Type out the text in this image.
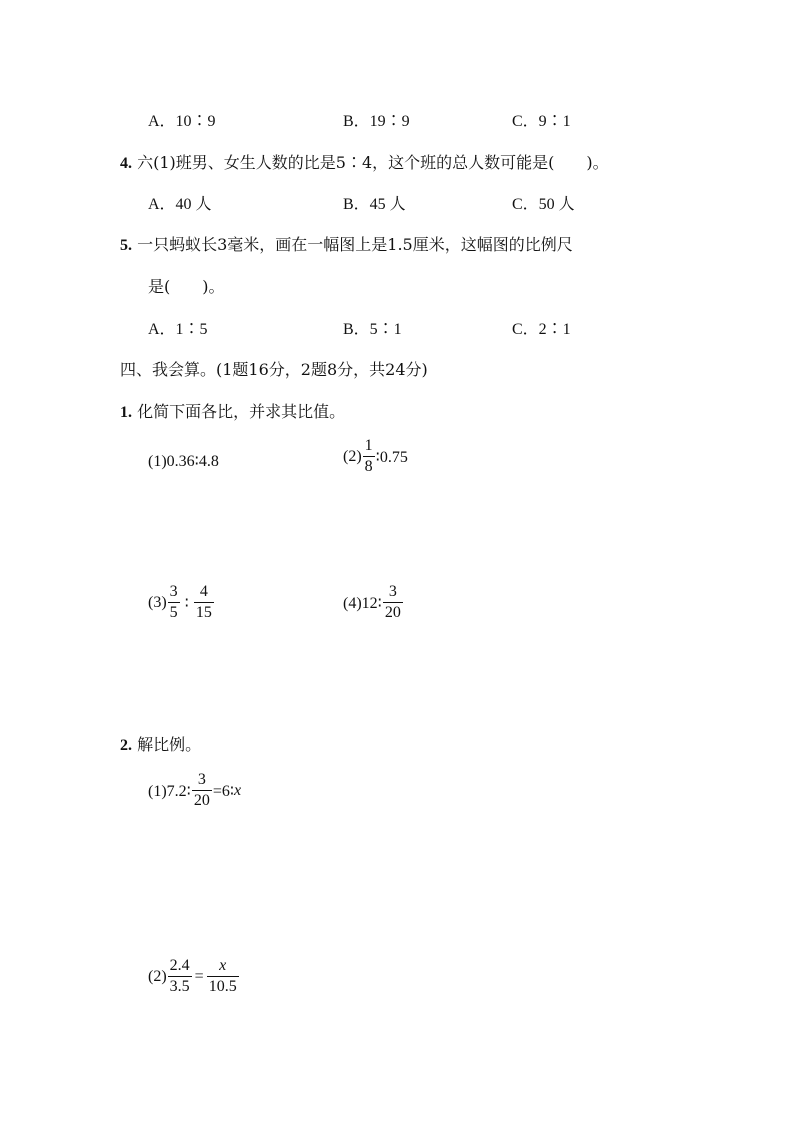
A．10∶9	B．19∶9	C．9∶1
4. 六(1)班男、女生人数的比是5∶4，这个班的总人数可能是(　　)。
A．40 人	B．45 人	C．50 人
5. 一只蚂蚁长3毫米，画在一幅图上是1.5厘米，这幅图的比例尺
是(　　)。
A．1∶5	B．5∶1	C．2∶1
四、我会算。(1题16分，2题8分，共24分)
1. 化简下面各比，并求其比值。
(1)0.36∶4.8	$(2) \frac{1}{8}$ ∶0.75
$(3) \frac{3}{5}$ ∶ $\frac{4}{15}$	(4)12∶ $\frac{3}{20}$
2. 解比例。
(1)7.2∶ $\frac{3}{20}$ =6∶ x
$(2) \frac{2.4}{3.5} = \frac{x}{10.5}$
